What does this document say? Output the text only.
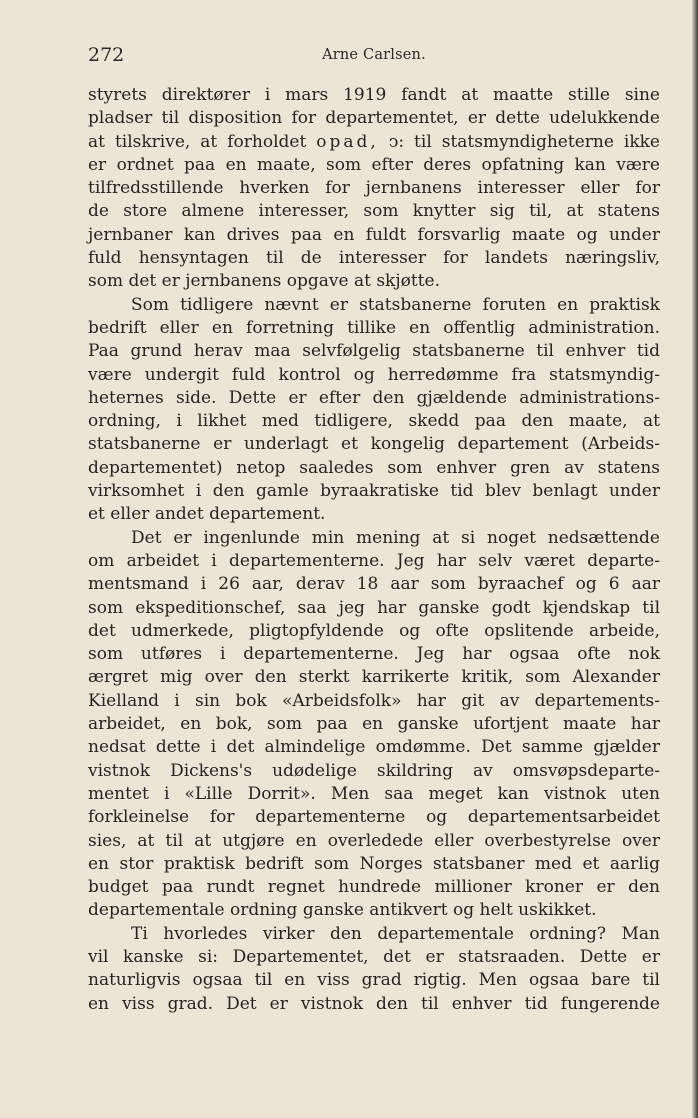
272	Arne Carlsen.
styrets direktører i mars 1919 fandt at maatte stille sine
pladser til disposition for departementet, er dette udelukkende
at tilskrive, at forholdet opad, ↄ: til statsmyndigheterne ikke
er ordnet paa en maate, som efter deres opfatning kan være
tilfredsstillende hverken for jernbanens interesser eller for
de store almene interesser, som knytter sig til, at statens
jernbaner kan drives paa en fuldt forsvarlig maate og under
fuld hensyntagen til de interesser for landets næringsliv,
som det er jernbanens opgave at skjøtte.
Som tidligere nævnt er statsbanerne foruten en praktisk
bedrift eller en forretning tillike en offentlig administration.
Paa grund herav maa selvfølgelig statsbanerne til enhver tid
være undergit fuld kontrol og herredømme fra statsmyndig-
heternes side. Dette er efter den gjældende administrations-
ordning, i likhet med tidligere, skedd paa den maate, at
statsbanerne er underlagt et kongelig departement (Arbeids-
departementet) netop saaledes som enhver gren av statens
virksomhet i den gamle byraakratiske tid blev benlagt under
et eller andet departement.
Det er ingenlunde min mening at si noget nedsættende
om arbeidet i departementerne. Jeg har selv været departe-
mentsmand i 26 aar, derav 18 aar som byraachef og 6 aar
som ekspeditionschef, saa jeg har ganske godt kjendskap til
det udmerkede, pligtopfyldende og ofte opslitende arbeide,
som utføres i departementerne. Jeg har ogsaa ofte nok
ærgret mig over den sterkt karrikerte kritik, som Alexander
Kielland i sin bok «Arbeidsfolk» har git av departements-
arbeidet, en bok, som paa en ganske ufortjent maate har
nedsat dette i det almindelige omdømme. Det samme gjælder
vistnok Dickens's udødelige skildring av omsvøpsdeparte-
mentet i «Lille Dorrit». Men saa meget kan vistnok uten
forkleinelse for departementerne og departementsarbeidet
sies, at til at utgjøre en overledede eller overbestyrelse over
en stor praktisk bedrift som Norges statsbaner med et aarlig
budget paa rundt regnet hundrede millioner kroner er den
departementale ordning ganske antikvert og helt uskikket.
Ti hvorledes virker den departementale ordning? Man
vil kanske si: Departementet, det er statsraaden. Dette er
naturligvis ogsaa til en viss grad rigtig. Men ogsaa bare til
en viss grad. Det er vistnok den til enhver tid fungerende
